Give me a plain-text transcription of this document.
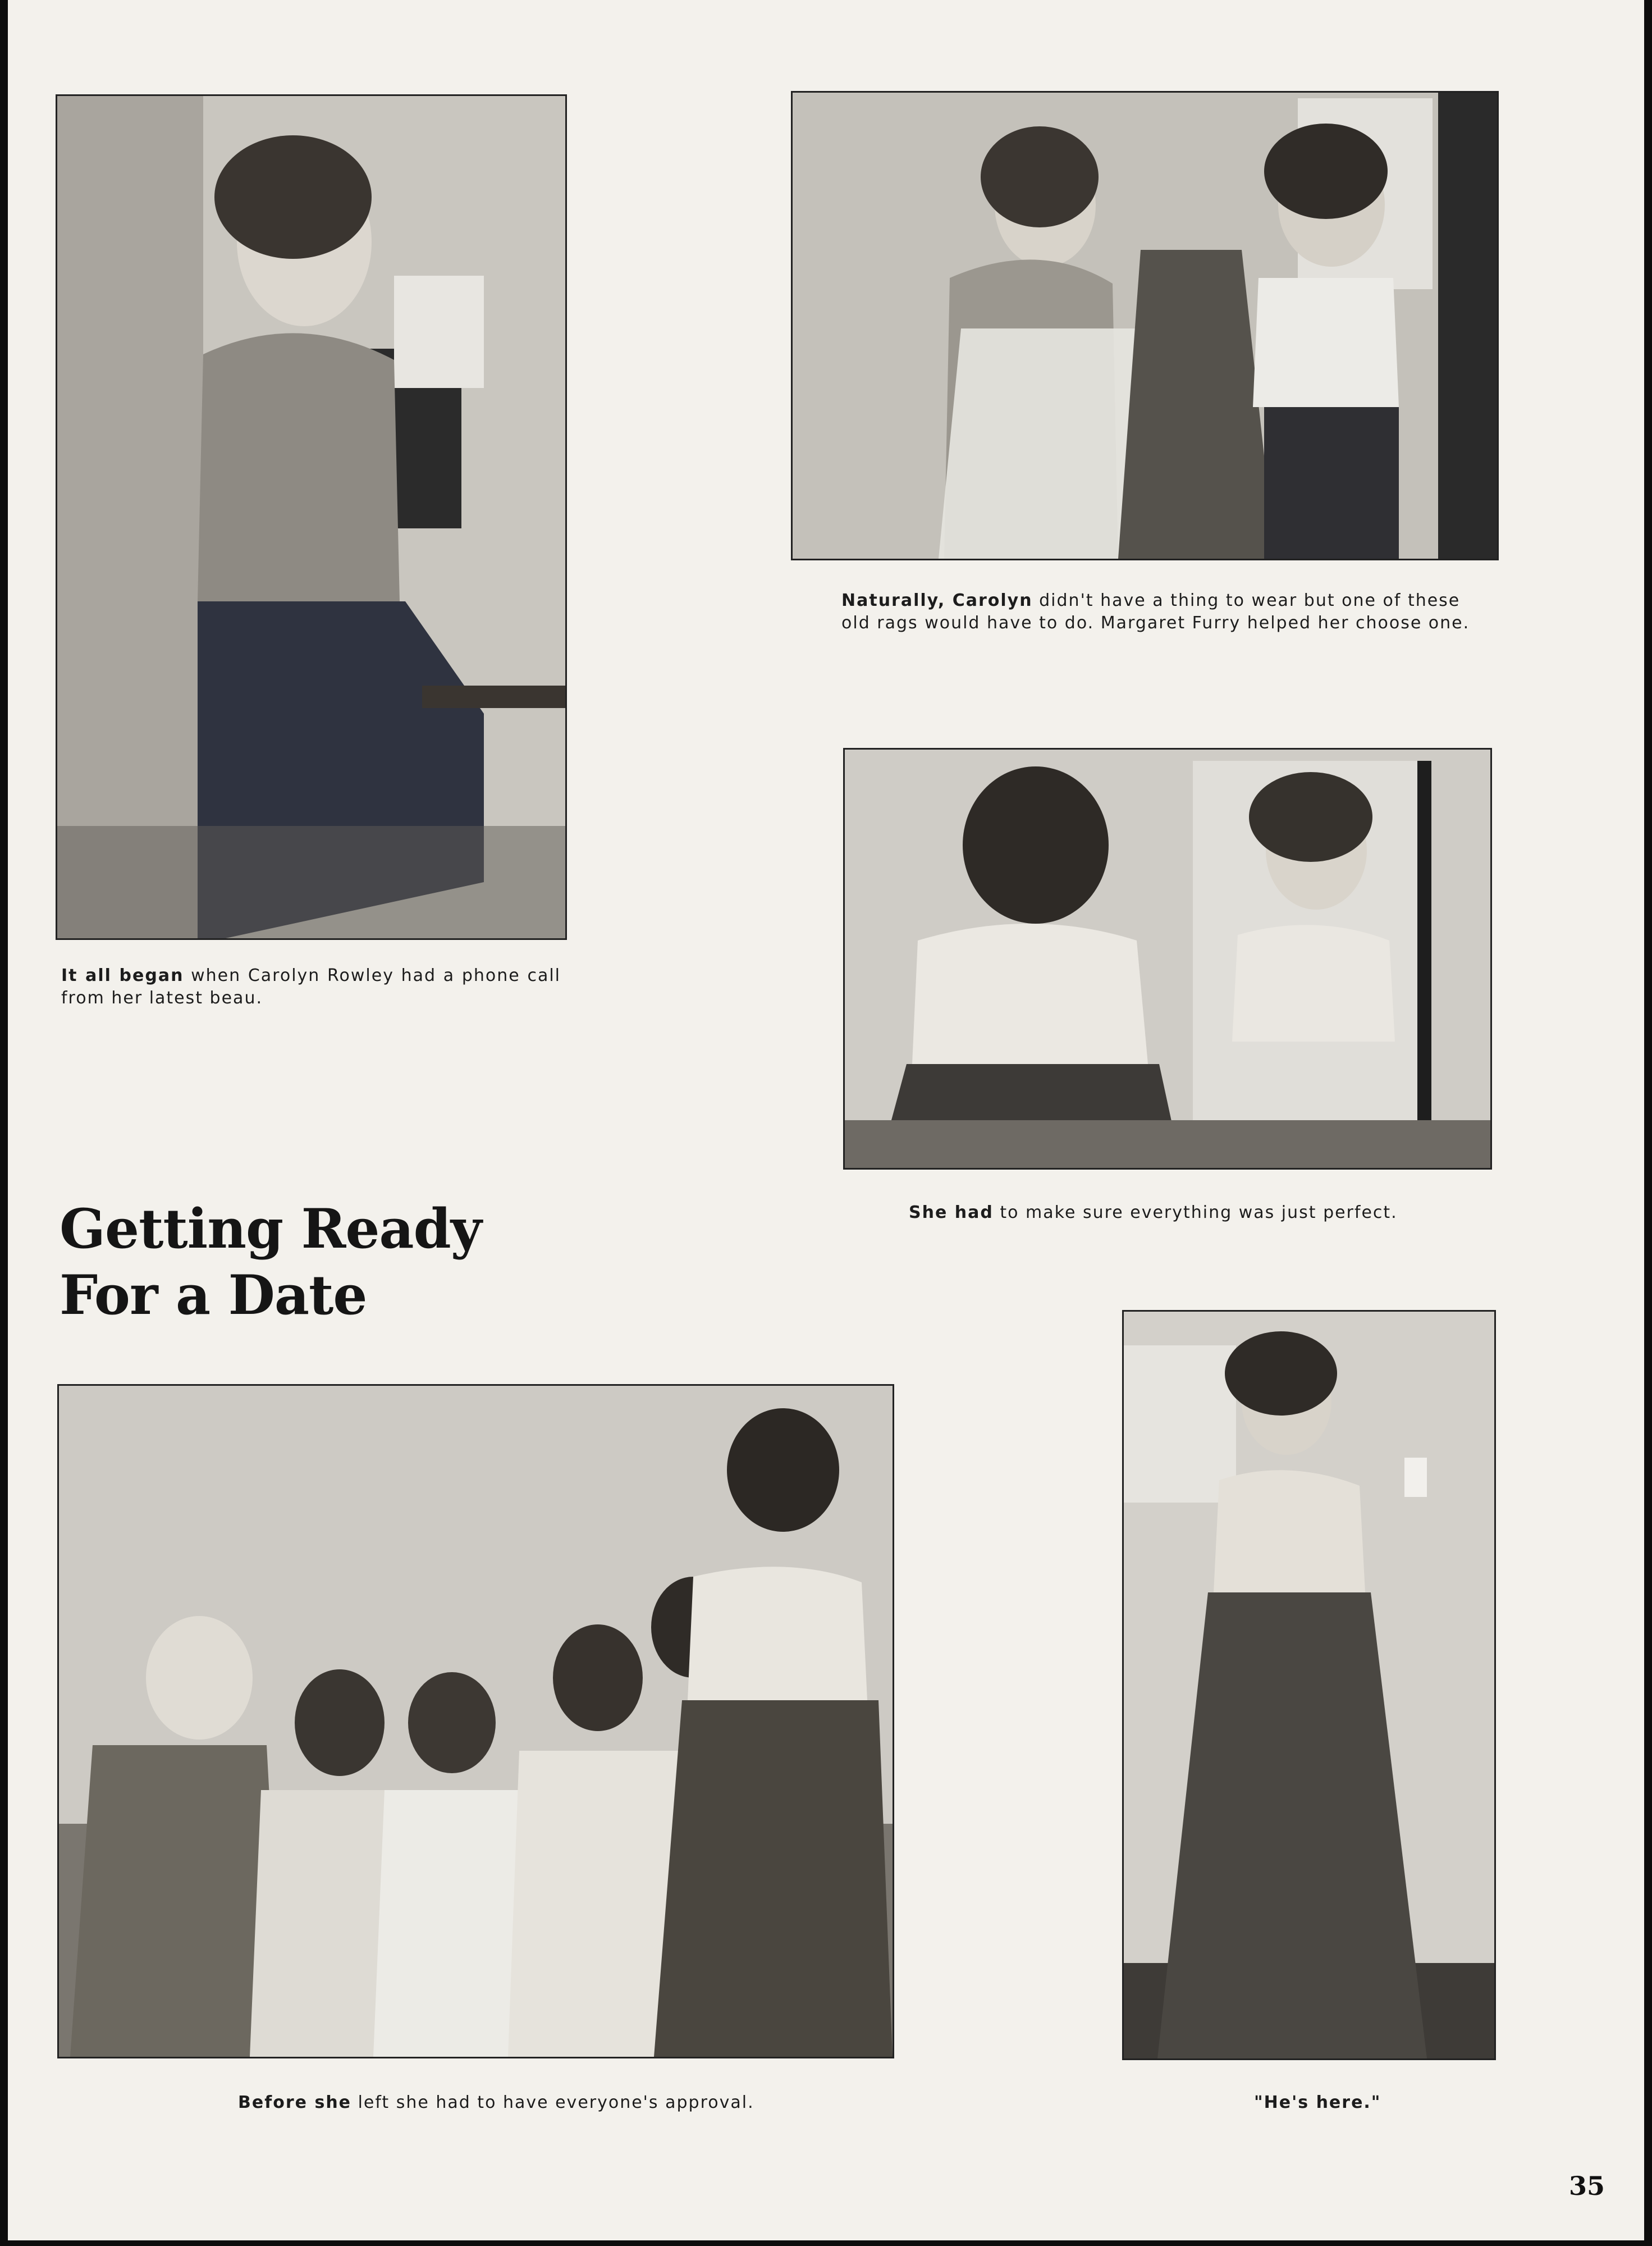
It all began when Carolyn Rowley had a phone call from her latest beau.
Naturally, Carolyn didn't have a thing to wear but one of these old rags would have to do. Margaret Furry helped her choose one.
She had to make sure everything was just perfect.
Getting Ready
For a Date
"He's here."
35
Before she left she had to have everyone's approval.
